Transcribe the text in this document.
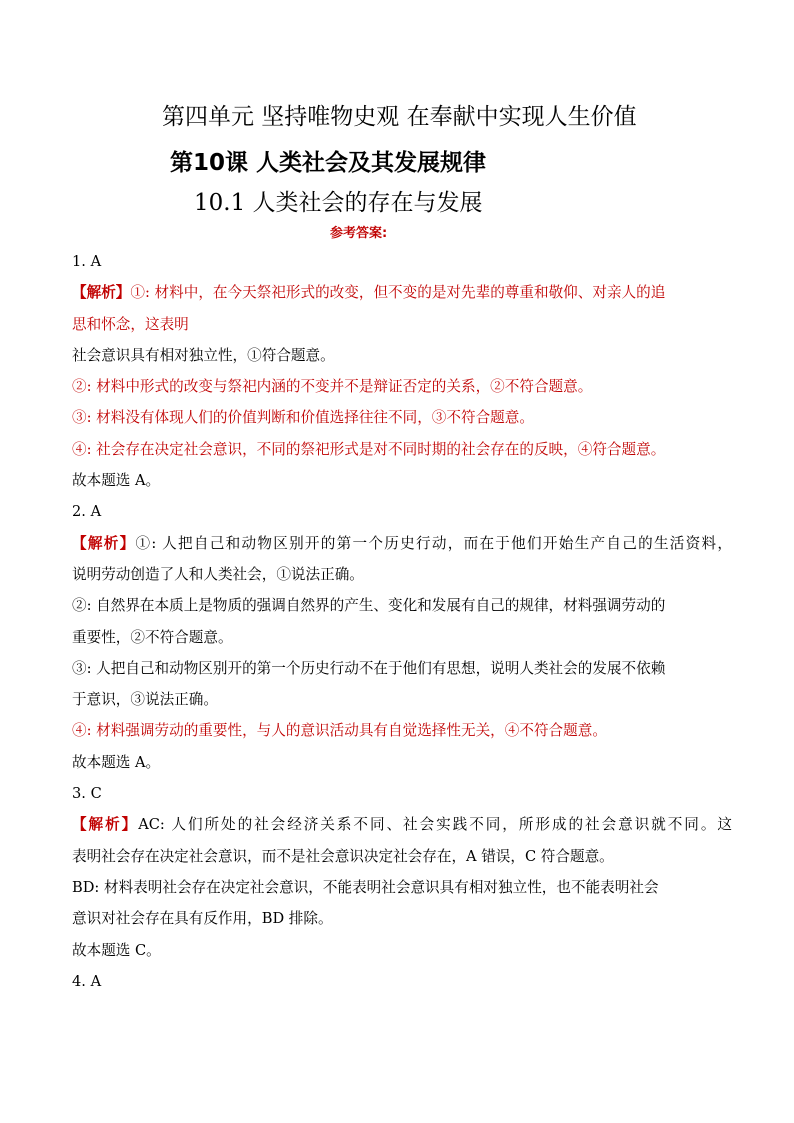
第四单元 坚持唯物史观 在奉献中实现人生价值
第10课 人类社会及其发展规律
10.1 人类社会的存在与发展
参考答案:
1. A
【解析】①: 材料中，在今天祭祀形式的改变，但不变的是对先辈的尊重和敬仰、对亲人的追
思和怀念，这表明
社会意识具有相对独立性，①符合题意。
②: 材料中形式的改变与祭祀内涵的不变并不是辩证否定的关系，②不符合题意。
③: 材料没有体现人们的价值判断和价值选择往往不同，③不符合题意。
④: 社会存在决定社会意识，不同的祭祀形式是对不同时期的社会存在的反映，④符合题意。
故本题选 A。
2. A
【解析】①: 人把自己和动物区别开的第一个历史行动，而在于他们开始生产自己的生活资料，
说明劳动创造了人和人类社会，①说法正确。
②: 自然界在本质上是物质的强调自然界的产生、变化和发展有自己的规律，材料强调劳动的
重要性，②不符合题意。
③: 人把自己和动物区别开的第一个历史行动不在于他们有思想，说明人类社会的发展不依赖
于意识，③说法正确。
④: 材料强调劳动的重要性，与人的意识活动具有自觉选择性无关，④不符合题意。
故本题选 A。
3. C
【解析】AC: 人们所处的社会经济关系不同、社会实践不同，所形成的社会意识就不同。这
表明社会存在决定社会意识，而不是社会意识决定社会存在，A 错误，C 符合题意。
BD: 材料表明社会存在决定社会意识，不能表明社会意识具有相对独立性，也不能表明社会
意识对社会存在具有反作用，BD 排除。
故本题选 C。
4. A
